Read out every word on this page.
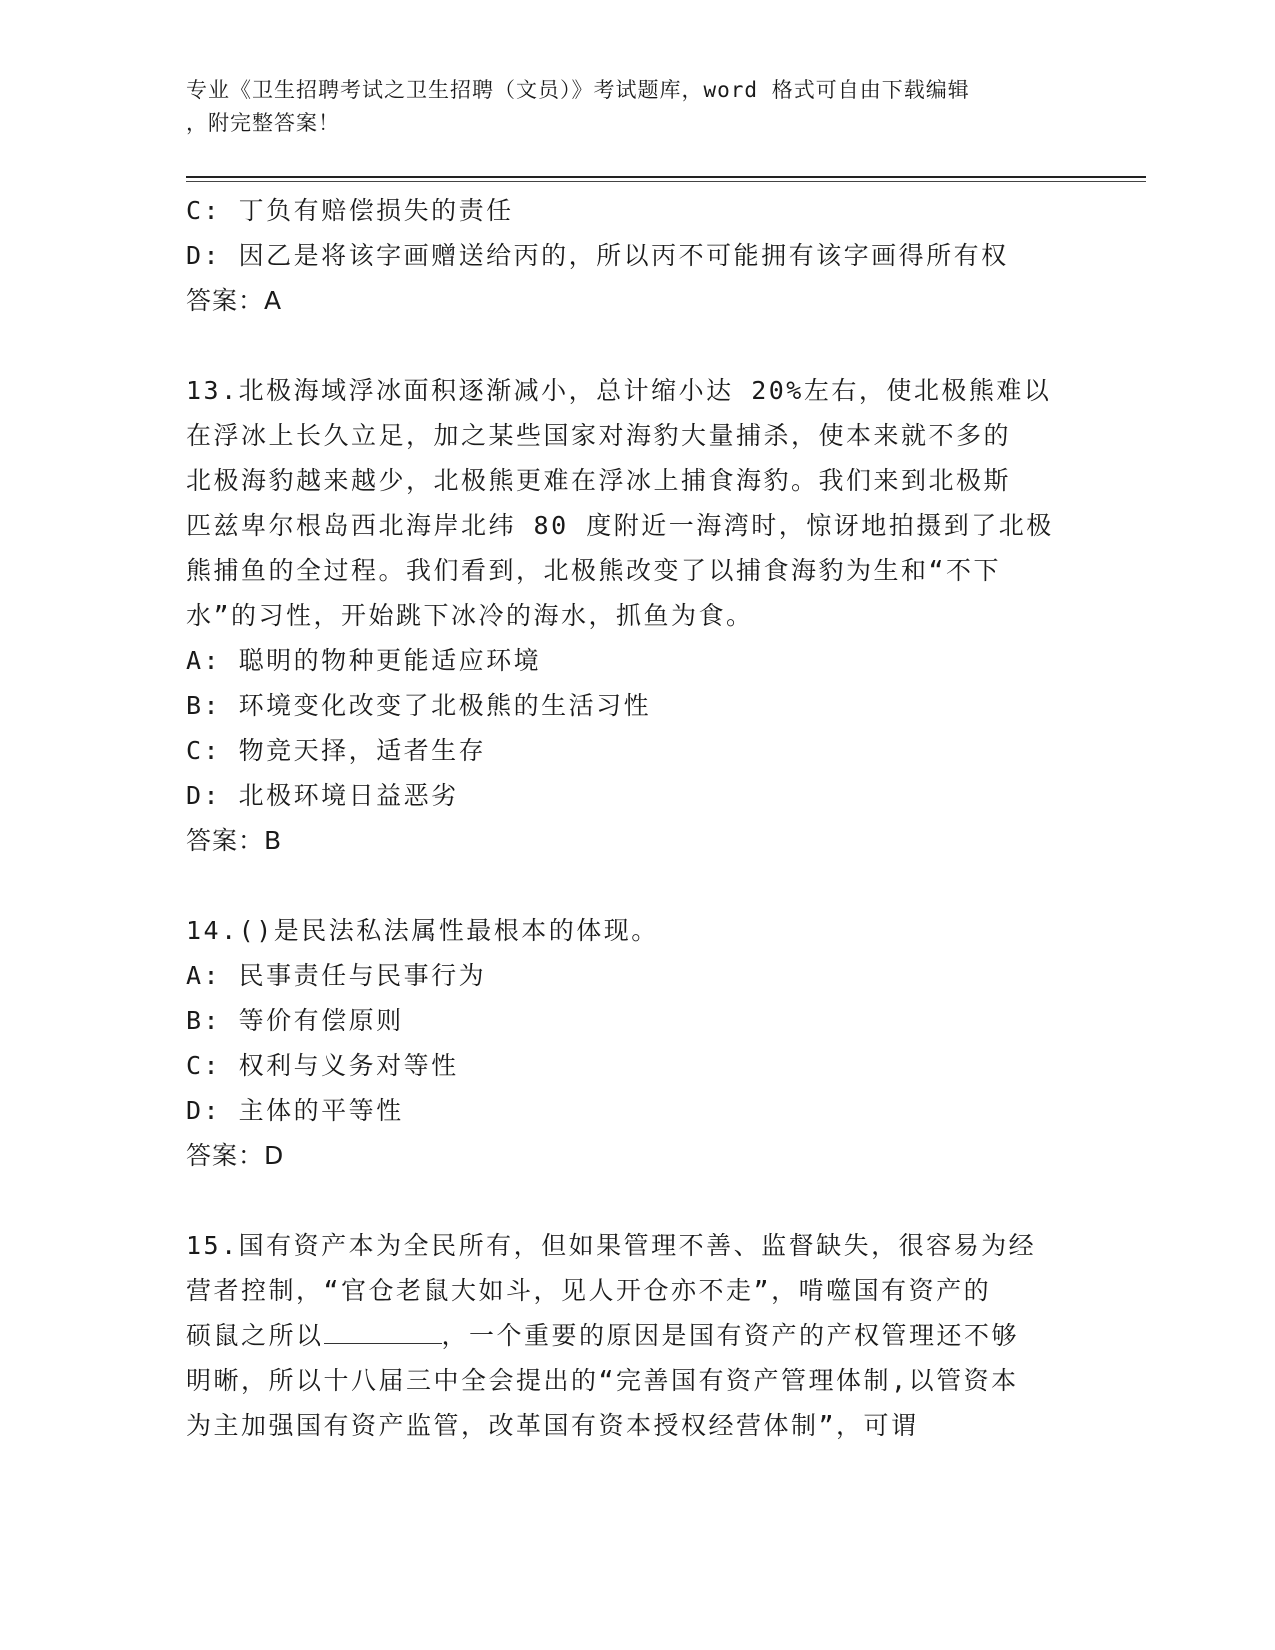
专业《卫生招聘考试之卫生招聘（文员）》考试题库，word 格式可自由下载编辑
，附完整答案！
C: 丁负有赔偿损失的责任
D: 因乙是将该字画赠送给丙的，所以丙不可能拥有该字画得所有权
答案：A
13.北极海域浮冰面积逐渐减小，总计缩小达 20%左右，使北极熊难以
在浮冰上长久立足，加之某些国家对海豹大量捕杀，使本来就不多的
北极海豹越来越少，北极熊更难在浮冰上捕食海豹。我们来到北极斯
匹兹卑尔根岛西北海岸北纬 80 度附近一海湾时，惊讶地拍摄到了北极
熊捕鱼的全过程。我们看到，北极熊改变了以捕食海豹为生和“不下
水”的习性，开始跳下冰冷的海水，抓鱼为食。
A: 聪明的物种更能适应环境
B: 环境变化改变了北极熊的生活习性
C: 物竞天择，适者生存
D: 北极环境日益恶劣
答案：B
14.()是民法私法属性最根本的体现。
A: 民事责任与民事行为
B: 等价有偿原则
C: 权利与义务对等性
D: 主体的平等性
答案：D
15.国有资产本为全民所有，但如果管理不善、监督缺失，很容易为经
营者控制，“官仓老鼠大如斗，见人开仓亦不走”，啃噬国有资产的
硕鼠之所以	，一个重要的原因是国有资产的产权管理还不够
明晰，所以十八届三中全会提出的“完善国有资产管理体制,以管资本
为主加强国有资产监管，改革国有资本授权经营体制”，可谓
